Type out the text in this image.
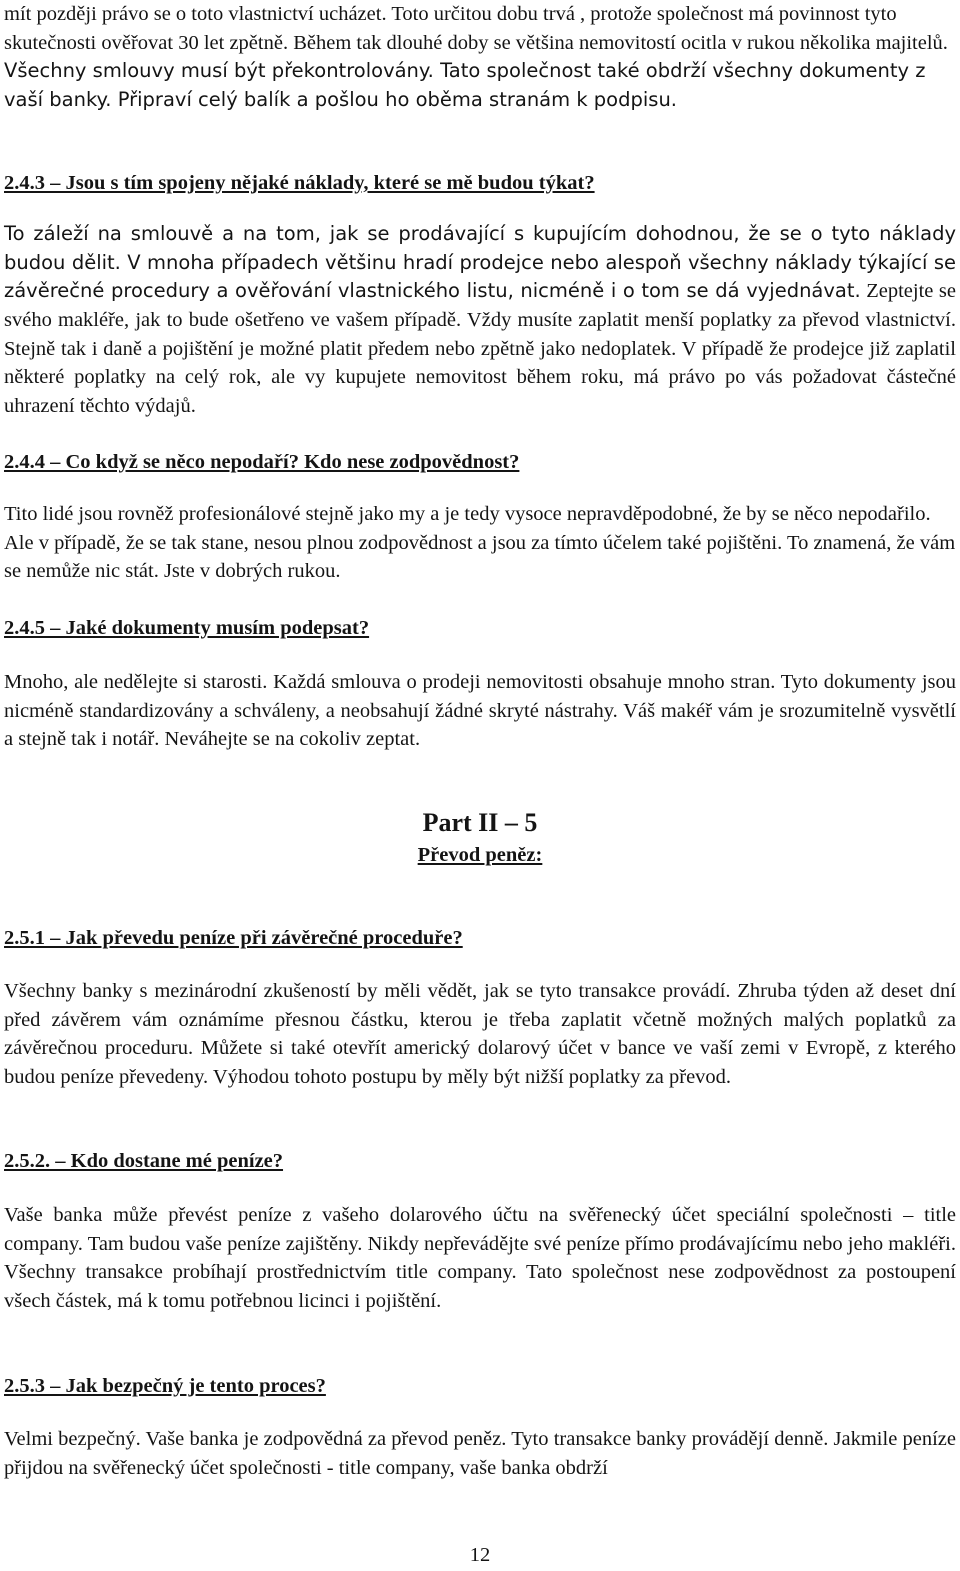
mít později právo se o toto vlastnictví ucházet. Toto určitou dobu trvá , protože společnost má povinnost tyto skutečnosti ověřovat 30 let zpětně. Během tak dlouhé doby se většina nemovitostí ocitla v rukou několika majitelů. Všechny smlouvy musí být překontrolovány. Tato společnost také obdrží všechny dokumenty z vaší banky. Připraví celý balík a pošlou ho oběma stranám k podpisu.

2.4.3 – Jsou s tím spojeny nějaké náklady, které se mě budou týkat?

To záleží na smlouvě a na tom, jak se prodávající s kupujícím dohodnou, že se o tyto náklady budou dělit. V mnoha případech většinu hradí prodejce nebo alespoň všechny náklady týkající se závěrečné procedury a ověřování vlastnického listu, nicméně i o tom se dá vyjednávat. Zeptejte se svého makléře, jak to bude ošetřeno ve vašem případě. Vždy musíte zaplatit menší poplatky za převod vlastnictví. Stejně tak i daně a pojištění je možné platit předem nebo zpětně jako nedoplatek. V případě že prodejce již zaplatil některé poplatky na celý rok, ale vy kupujete nemovitost během roku, má právo po vás požadovat částečné uhrazení těchto výdajů.

2.4.4 – Co když se něco nepodaří? Kdo nese zodpovědnost?

Tito lidé jsou rovněž profesionálové stejně jako my a je tedy vysoce nepravděpodobné, že by se něco nepodařilo. Ale v případě, že se tak stane, nesou plnou zodpovědnost a jsou za tímto účelem také pojištěni. To znamená, že vám se nemůže nic stát. Jste v dobrých rukou.

2.4.5 – Jaké dokumenty musím podepsat?

Mnoho, ale nedělejte si starosti. Každá smlouva o prodeji nemovitosti obsahuje mnoho stran. Tyto dokumenty jsou nicméně standardizovány a schváleny, a neobsahují žádné skryté nástrahy. Váš makéř vám je srozumitelně vysvětlí a stejně tak i notář. Neváhejte se na cokoliv zeptat.

Part II – 5
Převod peněz:
2.5.1 – Jak převedu peníze při závěrečné proceduře?

Všechny banky s mezinárodní zkušeností by měli vědět, jak se tyto transakce provádí. Zhruba týden až deset dní před závěrem vám oznámíme přesnou částku, kterou je třeba zaplatit včetně možných malých poplatků za závěrečnou proceduru. Můžete si také otevřít americký dolarový účet v bance ve vaší zemi v Evropě, z kterého budou peníze převedeny. Výhodou tohoto postupu by měly být nižší poplatky za převod.

2.5.2. – Kdo dostane mé peníze?

Vaše banka může převést peníze z vašeho dolarového účtu na svěřenecký účet speciální společnosti – title company. Tam budou vaše peníze zajištěny. Nikdy nepřevádějte své peníze přímo prodávajícímu nebo jeho makléři. Všechny transakce probíhají prostřednictvím title company. Tato společnost nese zodpovědnost za postoupení všech částek, má k tomu potřebnou licinci i pojištění.

2.5.3 – Jak bezpečný je tento proces?

Velmi bezpečný. Vaše banka je zodpovědná za převod peněz. Tyto transakce banky provádějí denně. Jakmile peníze přijdou na svěřenecký účet společnosti - title company, vaše banka obdrží

12
